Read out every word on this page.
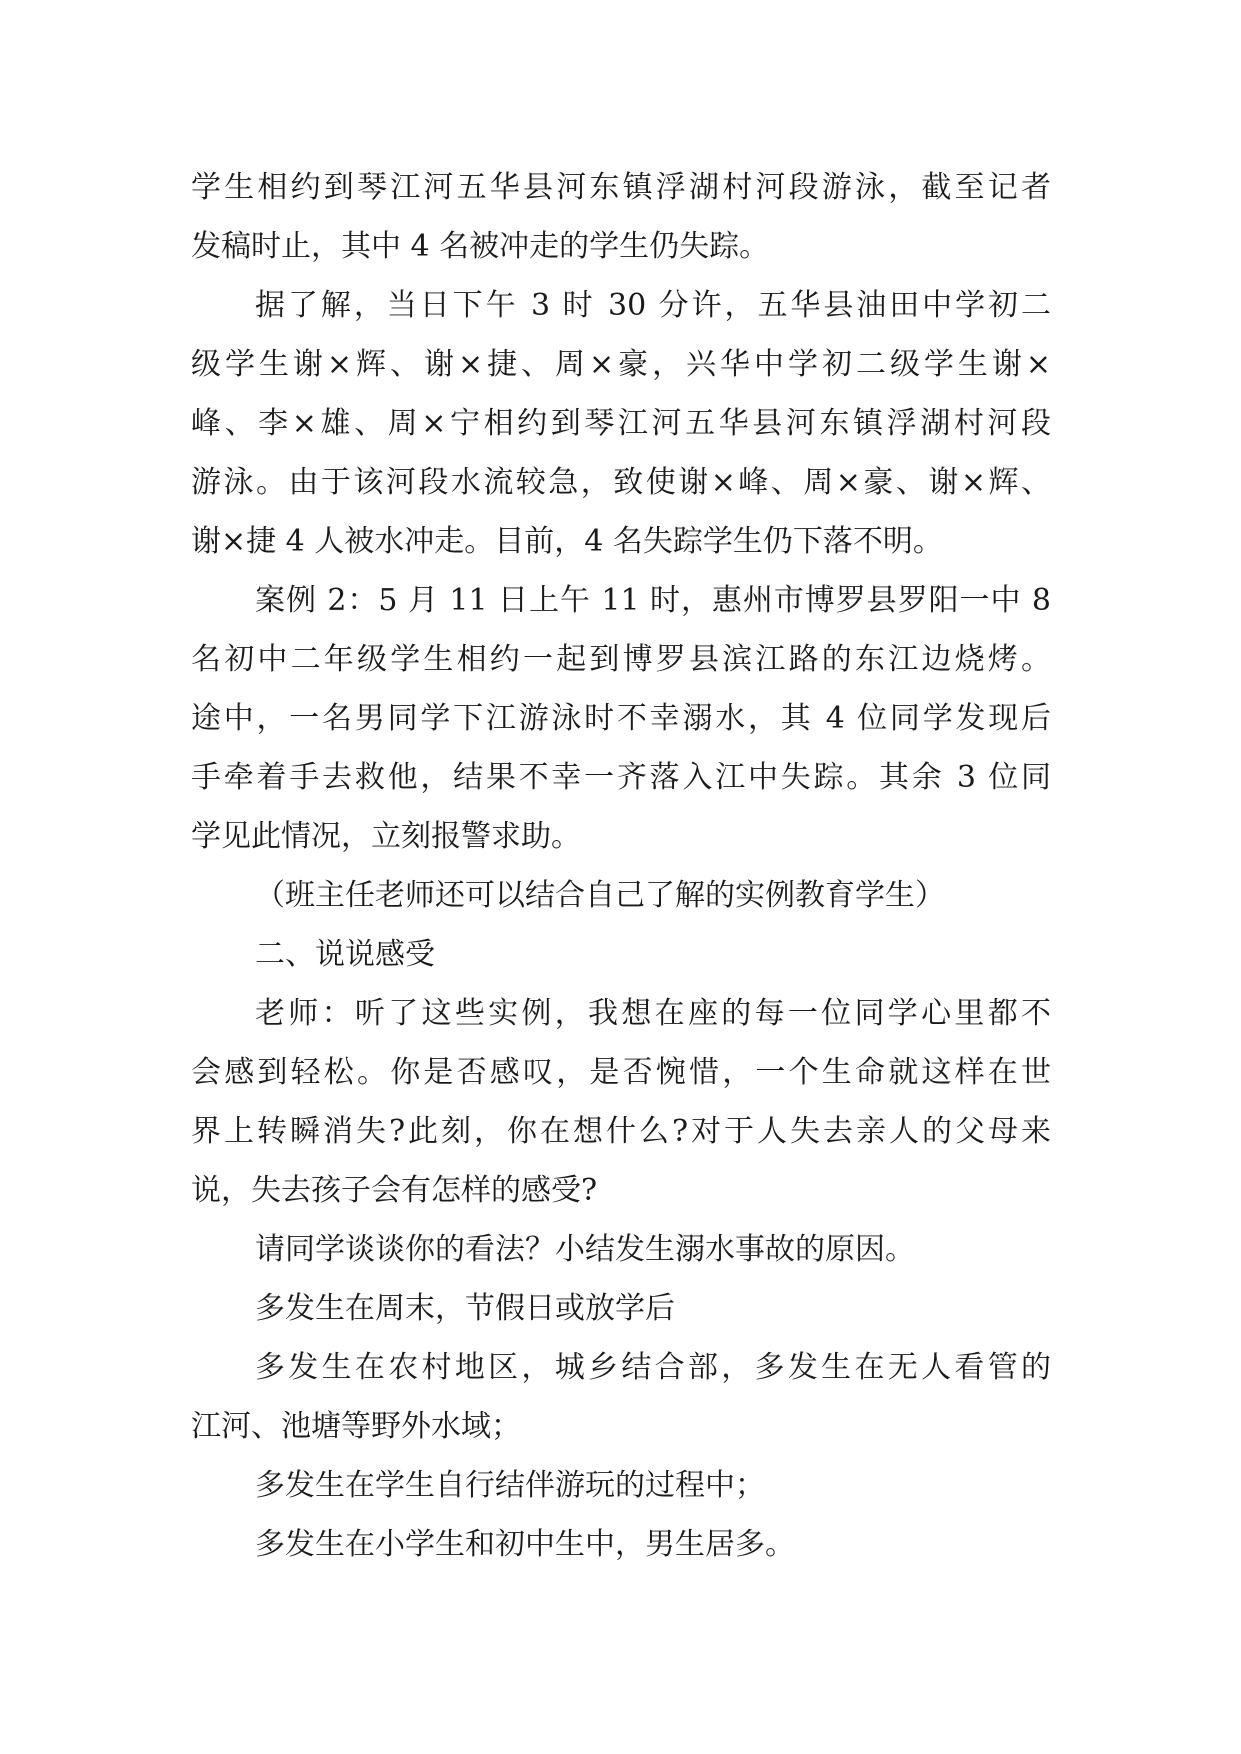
学生相约到琴江河五华县河东镇浮湖村河段游泳，截至记者
发稿时止，其中 4 名被冲走的学生仍失踪。
据了解，当日下午 3 时 30 分许，五华县油田中学初二
级学生谢×辉、谢×捷、周×豪，兴华中学初二级学生谢×
峰、李×雄、周×宁相约到琴江河五华县河东镇浮湖村河段
游泳。由于该河段水流较急，致使谢×峰、周×豪、谢×辉、
谢×捷 4 人被水冲走。目前，4 名失踪学生仍下落不明。
案例 2：5 月 11 日上午 11 时，惠州市博罗县罗阳一中 8
名初中二年级学生相约一起到博罗县滨江路的东江边烧烤。
途中，一名男同学下江游泳时不幸溺水，其 4 位同学发现后
手牵着手去救他，结果不幸一齐落入江中失踪。其余 3 位同
学见此情况，立刻报警求助。
（班主任老师还可以结合自己了解的实例教育学生）
二、说说感受
老师：听了这些实例，我想在座的每一位同学心里都不
会感到轻松。你是否感叹，是否惋惜，一个生命就这样在世
界上转瞬消失?此刻，你在想什么?对于人失去亲人的父母来
说，失去孩子会有怎样的感受?
请同学谈谈你的看法？小结发生溺水事故的原因。
多发生在周末，节假日或放学后
多发生在农村地区，城乡结合部，多发生在无人看管的
江河、池塘等野外水域；
多发生在学生自行结伴游玩的过程中；
多发生在小学生和初中生中，男生居多。
